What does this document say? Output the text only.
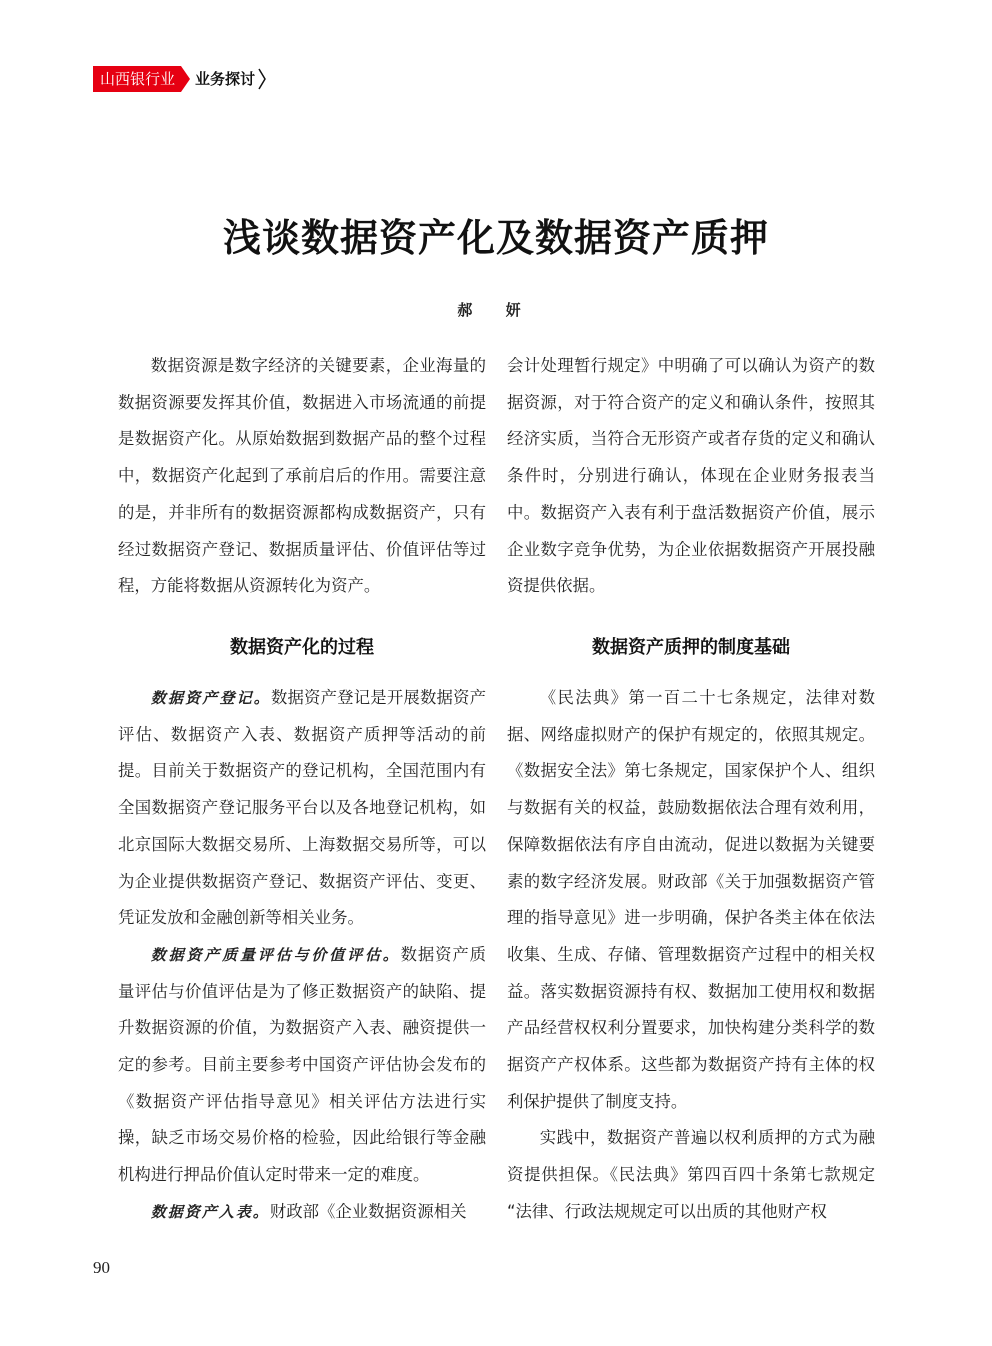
山西银行业	业务探讨
浅谈数据资产化及数据资产质押
郝 妍

数据资源是数字经济的关键要素，企业海量的数据资源要发挥其价值，数据进入市场流通的前提是数据资产化。从原始数据到数据产品的整个过程中，数据资产化起到了承前启后的作用。需要注意的是，并非所有的数据资源都构成数据资产，只有经过数据资产登记、数据质量评估、价值评估等过程，方能将数据从资源转化为资产。

会计处理暂行规定》中明确了可以确认为资产的数据资源，对于符合资产的定义和确认条件，按照其经济实质，当符合无形资产或者存货的定义和确认条件时，分别进行确认，体现在企业财务报表当中。数据资产入表有利于盘活数据资产价值，展示企业数字竞争优势，为企业依据数据资产开展投融资提供依据。

数据资产化的过程	数据资产质押的制度基础

数据资产登记。数据资产登记是开展数据资产评估、数据资产入表、数据资产质押等活动的前提。目前关于数据资产的登记机构，全国范围内有全国数据资产登记服务平台以及各地登记机构，如北京国际大数据交易所、上海数据交易所等，可以为企业提供数据资产登记、数据资产评估、变更、凭证发放和金融创新等相关业务。

数据资产质量评估与价值评估。数据资产质量评估与价值评估是为了修正数据资产的缺陷、提升数据资源的价值，为数据资产入表、融资提供一定的参考。目前主要参考中国资产评估协会发布的《数据资产评估指导意见》相关评估方法进行实操，缺乏市场交易价格的检验，因此给银行等金融机构进行押品价值认定时带来一定的难度。

数据资产入表。财政部《企业数据资源相关

《民法典》第一百二十七条规定，法律对数据、网络虚拟财产的保护有规定的，依照其规定。《数据安全法》第七条规定，国家保护个人、组织与数据有关的权益，鼓励数据依法合理有效利用，保障数据依法有序自由流动，促进以数据为关键要素的数字经济发展。财政部《关于加强数据资产管理的指导意见》进一步明确，保护各类主体在依法收集、生成、存储、管理数据资产过程中的相关权益。落实数据资源持有权、数据加工使用权和数据产品经营权权利分置要求，加快构建分类科学的数据资产产权体系。这些都为数据资产持有主体的权利保护提供了制度支持。

实践中，数据资产普遍以权利质押的方式为融资提供担保。《民法典》第四百四十条第七款规定 “法律、行政法规规定可以出质的其他财产权

90
